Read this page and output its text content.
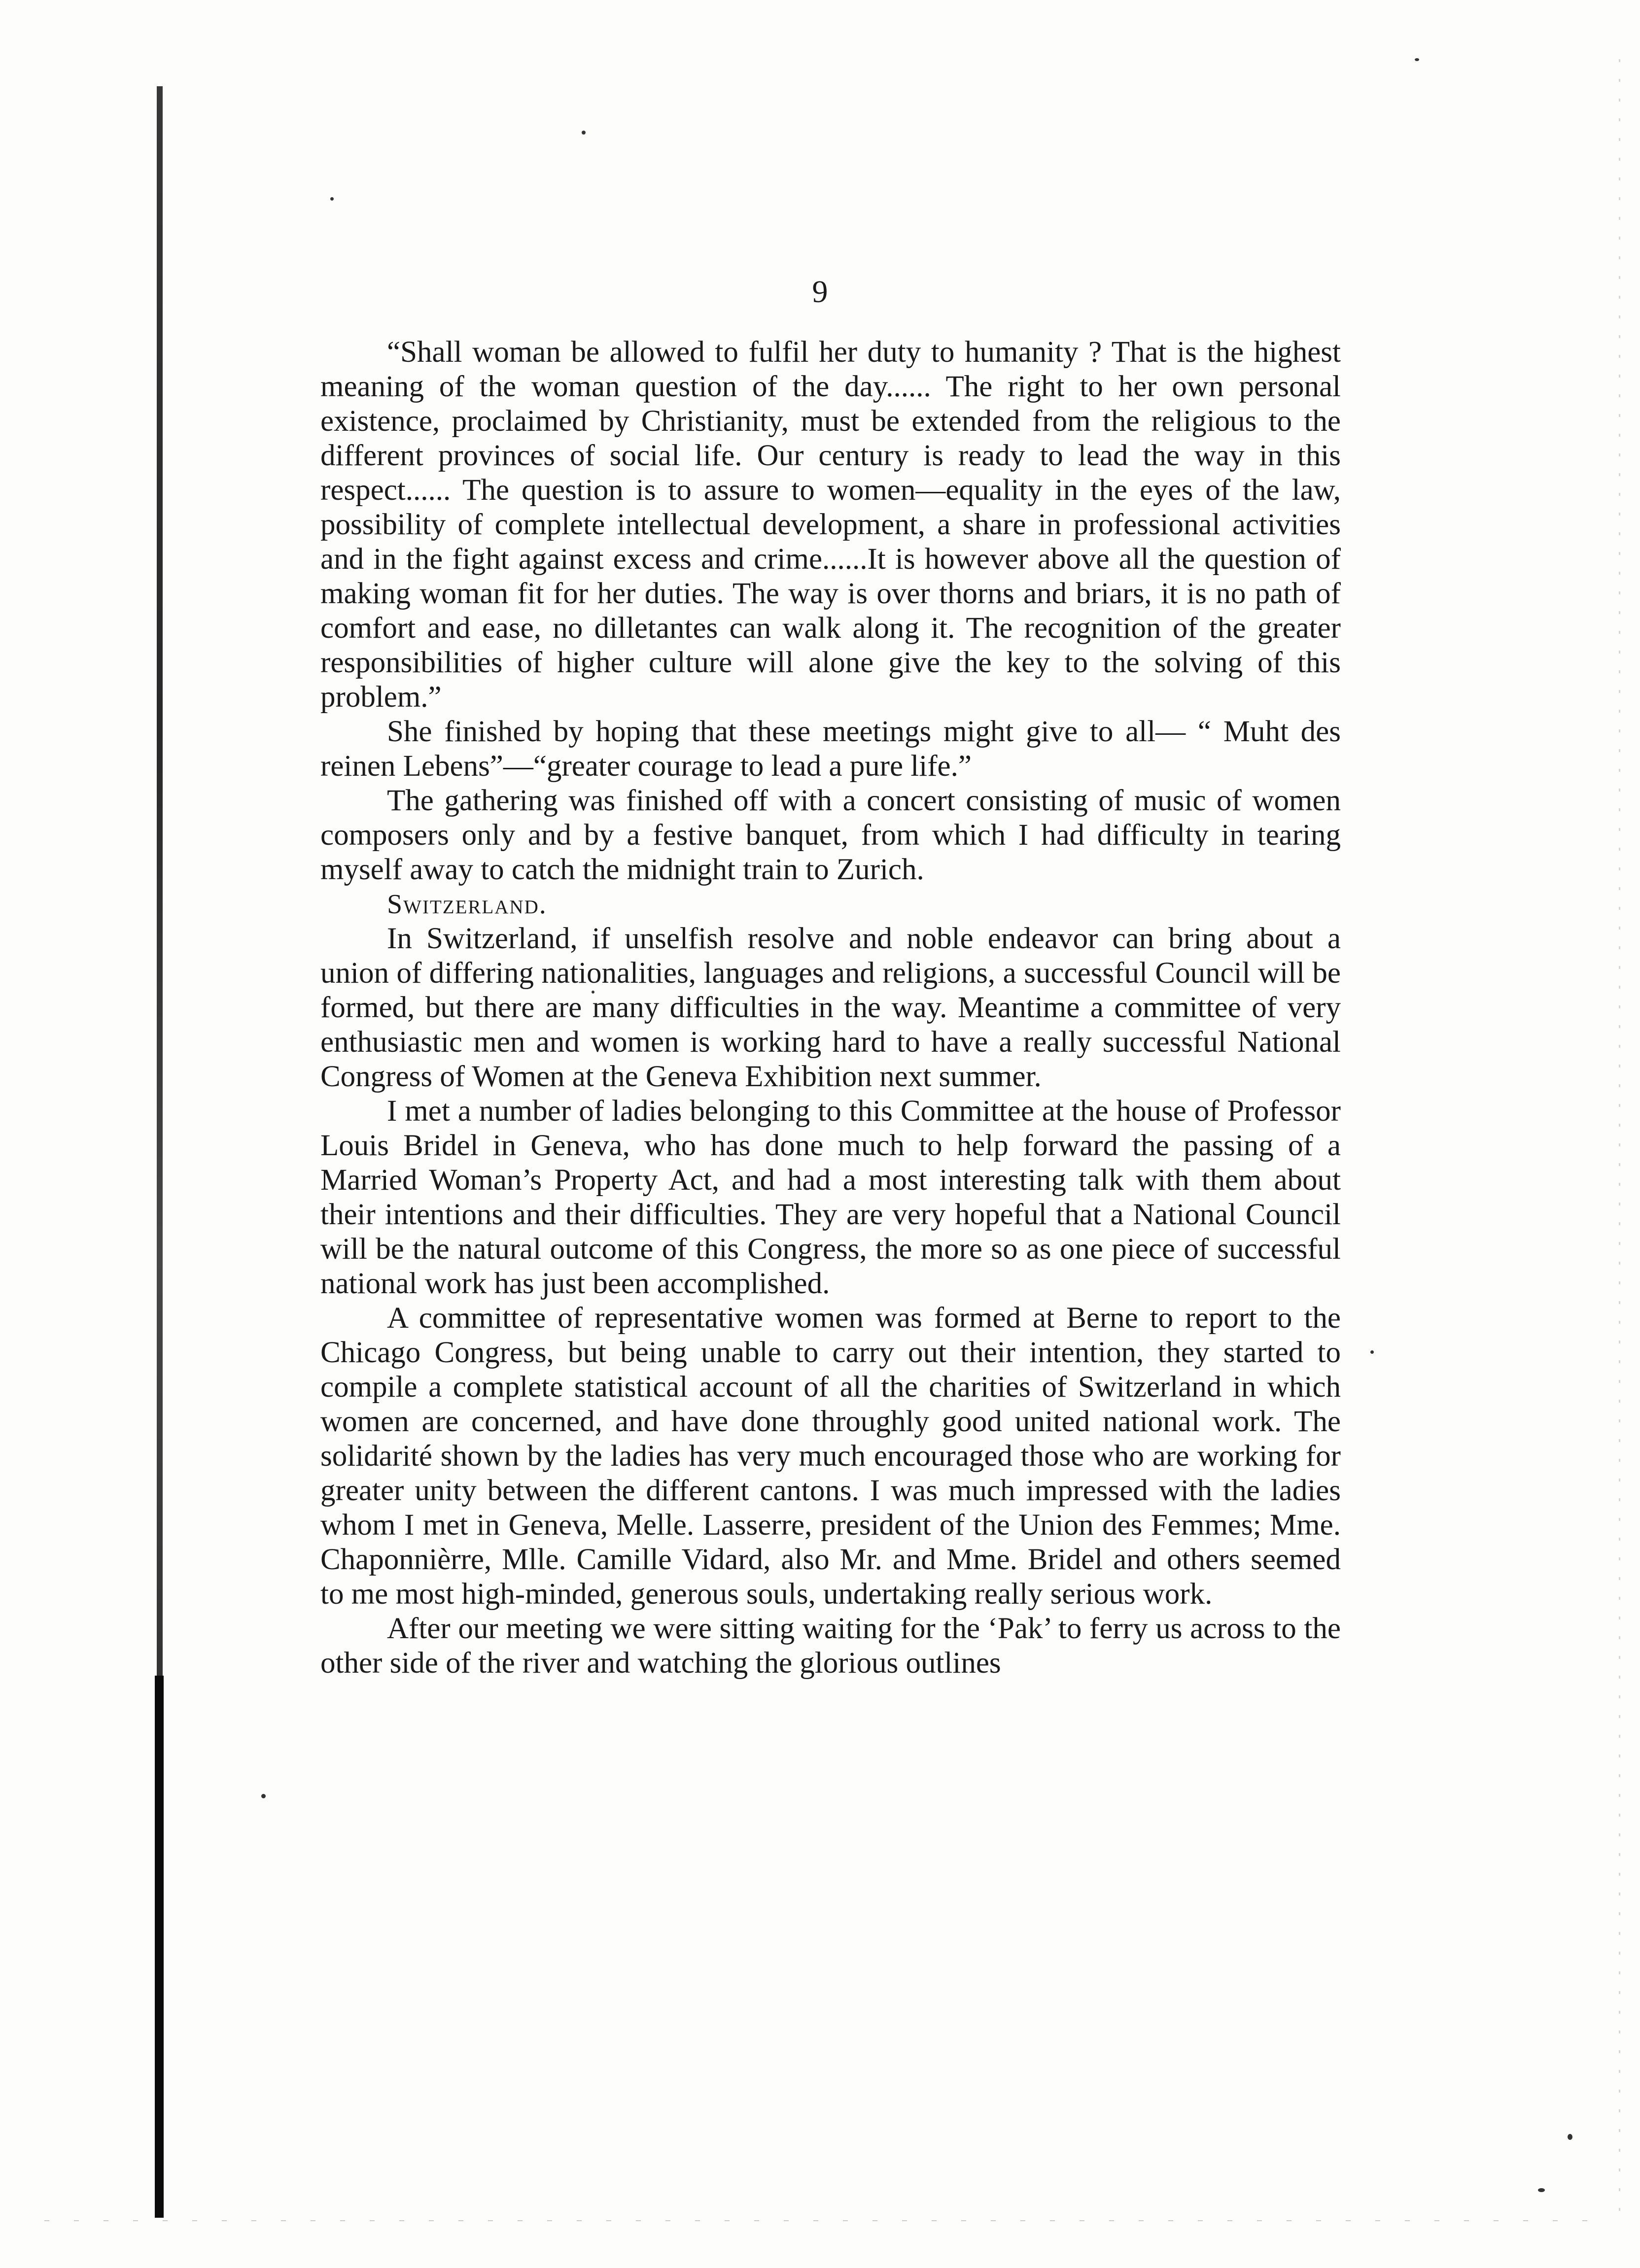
9

“Shall woman be allowed to fulfil her duty to humanity ? That is the highest meaning of the woman question of the day...... The right to her own personal existence, proclaimed by Christianity, must be extended from the religious to the different provinces of social life. Our century is ready to lead the way in this respect...... The question is to assure to women—equality in the eyes of the law, possibility of complete intellectual development, a share in professional activities and in the fight against excess and crime......It is however above all the question of making woman fit for her duties. The way is over thorns and briars, it is no path of comfort and ease, no dilletantes can walk along it. The recognition of the greater responsibilities of higher culture will alone give the key to the solving of this problem.”

She finished by hoping that these meetings might give to all— “ Muht des reinen Lebens”—“greater courage to lead a pure life.”

The gathering was finished off with a concert consisting of music of women composers only and by a festive banquet, from which I had difficulty in tearing myself away to catch the midnight train to Zurich.

Switzerland.

In Switzerland, if unselfish resolve and noble endeavor can bring about a union of differing nationalities, languages and religions, a successful Council will be formed, but there are many difficulties in the way. Meantime a committee of very enthusiastic men and women is working hard to have a really successful National Congress of Women at the Geneva Exhibition next summer.

I met a number of ladies belonging to this Committee at the house of Professor Louis Bridel in Geneva, who has done much to help forward the passing of a Married Woman’s Property Act, and had a most interesting talk with them about their intentions and their difficulties. They are very hopeful that a National Council will be the natural outcome of this Congress, the more so as one piece of successful national work has just been accomplished.

A committee of representative women was formed at Berne to report to the Chicago Congress, but being unable to carry out their intention, they started to compile a complete statistical account of all the charities of Switzerland in which women are concerned, and have done throughly good united national work. The solidarité shown by the ladies has very much encouraged those who are working for greater unity between the different cantons. I was much impressed with the ladies whom I met in Geneva, Melle. Lasserre, president of the Union des Femmes; Mme. Chaponnièrre, Mlle. Camille Vidard, also Mr. and Mme. Bridel and others seemed to me most high-minded, generous souls, undertaking really serious work.

After our meeting we were sitting waiting for the ‘Pak’ to ferry us across to the other side of the river and watching the glorious outlines
